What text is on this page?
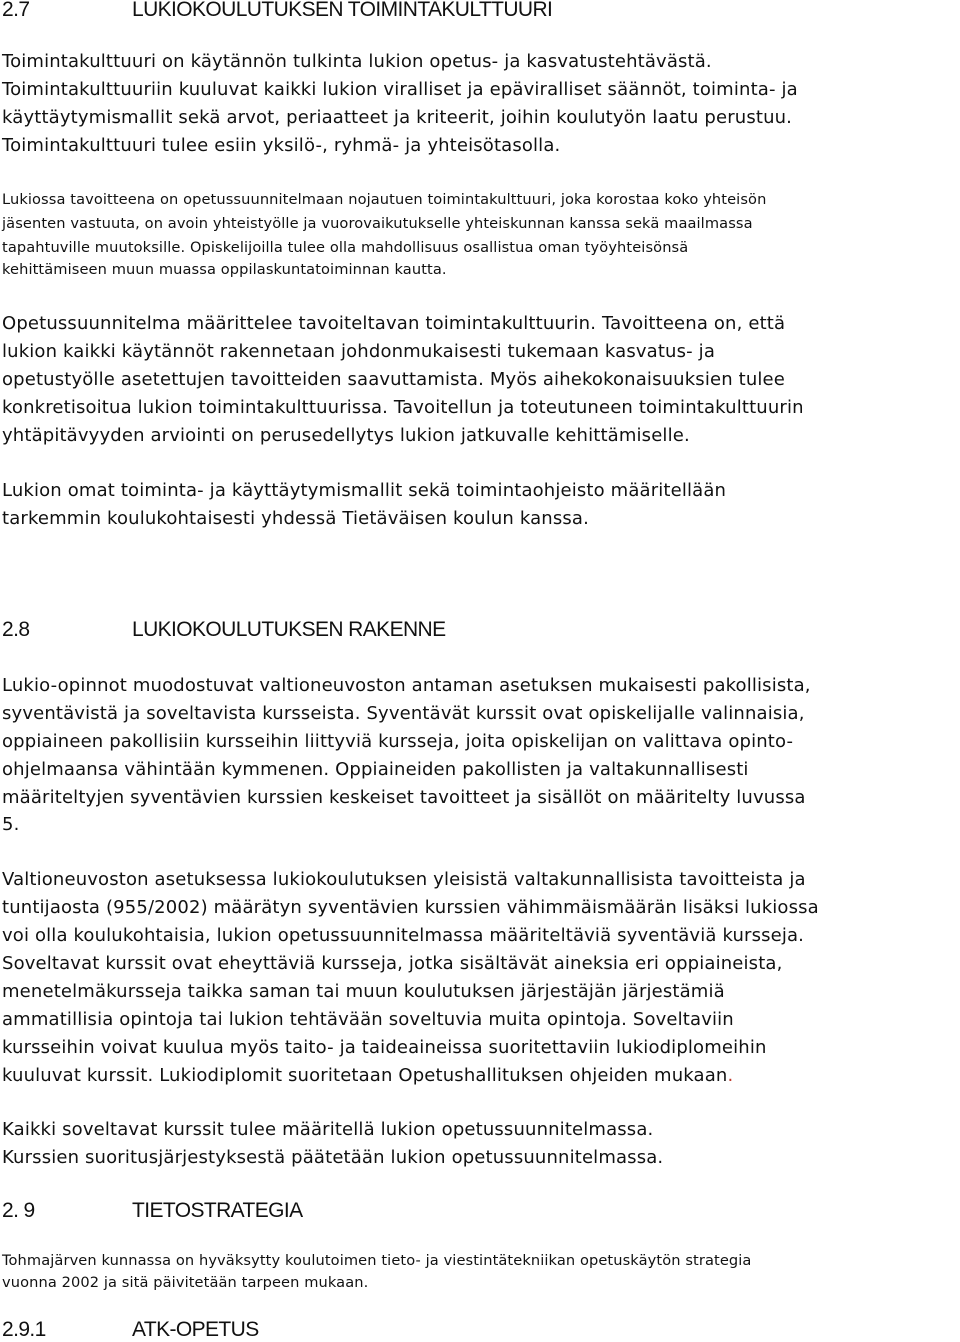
2.7	LUKIOKOULUTUKSEN TOIMINTAKULTTUURI
Toimintakulttuuri on käytännön tulkinta lukion opetus- ja kasvatustehtävästä.
Toimintakulttuuriin kuuluvat kaikki lukion viralliset ja epäviralliset säännöt, toiminta- ja
käyttäytymismallit sekä arvot, periaatteet ja kriteerit, joihin koulutyön laatu perustuu.
Toimintakulttuuri tulee esiin yksilö-, ryhmä- ja yhteisötasolla.
Lukiossa tavoitteena on opetussuunnitelmaan nojautuen toimintakulttuuri, joka korostaa koko yhteisön
jäsenten vastuuta, on avoin yhteistyölle ja vuorovaikutukselle yhteiskunnan kanssa sekä maailmassa
tapahtuville muutoksille. Opiskelijoilla tulee olla mahdollisuus osallistua oman työyhteisönsä
kehittämiseen muun muassa oppilaskuntatoiminnan kautta.
Opetussuunnitelma määrittelee tavoiteltavan toimintakulttuurin. Tavoitteena on, että
lukion kaikki käytännöt rakennetaan johdonmukaisesti tukemaan kasvatus- ja
opetustyölle asetettujen tavoitteiden saavuttamista. Myös aihekokonaisuuksien tulee
konkretisoitua lukion toimintakulttuurissa. Tavoitellun ja toteutuneen toimintakulttuurin
yhtäpitävyyden arviointi on perusedellytys lukion jatkuvalle kehittämiselle.
Lukion omat toiminta- ja käyttäytymismallit sekä toimintaohjeisto määritellään
tarkemmin koulukohtaisesti yhdessä Tietäväisen koulun kanssa.
2.8	LUKIOKOULUTUKSEN RAKENNE
Lukio-opinnot muodostuvat valtioneuvoston antaman asetuksen mukaisesti pakollisista,
syventävistä ja soveltavista kursseista. Syventävät kurssit ovat opiskelijalle valinnaisia,
oppiaineen pakollisiin kursseihin liittyviä kursseja, joita opiskelijan on valittava opinto-
ohjelmaansa vähintään kymmenen. Oppiaineiden pakollisten ja valtakunnallisesti
määriteltyjen syventävien kurssien keskeiset tavoitteet ja sisällöt on määritelty luvussa
5.
Valtioneuvoston asetuksessa lukiokoulutuksen yleisistä valtakunnallisista tavoitteista ja
tuntijaosta (955/2002) määrätyn syventävien kurssien vähimmäismäärän lisäksi lukiossa
voi olla koulukohtaisia, lukion opetussuunnitelmassa määriteltäviä syventäviä kursseja.
Soveltavat kurssit ovat eheyttäviä kursseja, jotka sisältävät aineksia eri oppiaineista,
menetelmäkursseja taikka saman tai muun koulutuksen järjestäjän järjestämiä
ammatillisia opintoja tai lukion tehtävään soveltuvia muita opintoja. Soveltaviin
kursseihin voivat kuulua myös taito- ja taideaineissa suoritettaviin lukiodiplomeihin
kuuluvat kurssit. Lukiodiplomit suoritetaan Opetushallituksen ohjeiden mukaan.
Kaikki soveltavat kurssit tulee määritellä lukion opetussuunnitelmassa.
Kurssien suoritusjärjestyksestä päätetään lukion opetussuunnitelmassa.
2. 9	TIETOSTRATEGIA
Tohmajärven kunnassa on hyväksytty koulutoimen tieto- ja viestintätekniikan opetuskäytön strategia
vuonna 2002 ja sitä päivitetään tarpeen mukaan.
2.9.1	ATK-OPETUS
